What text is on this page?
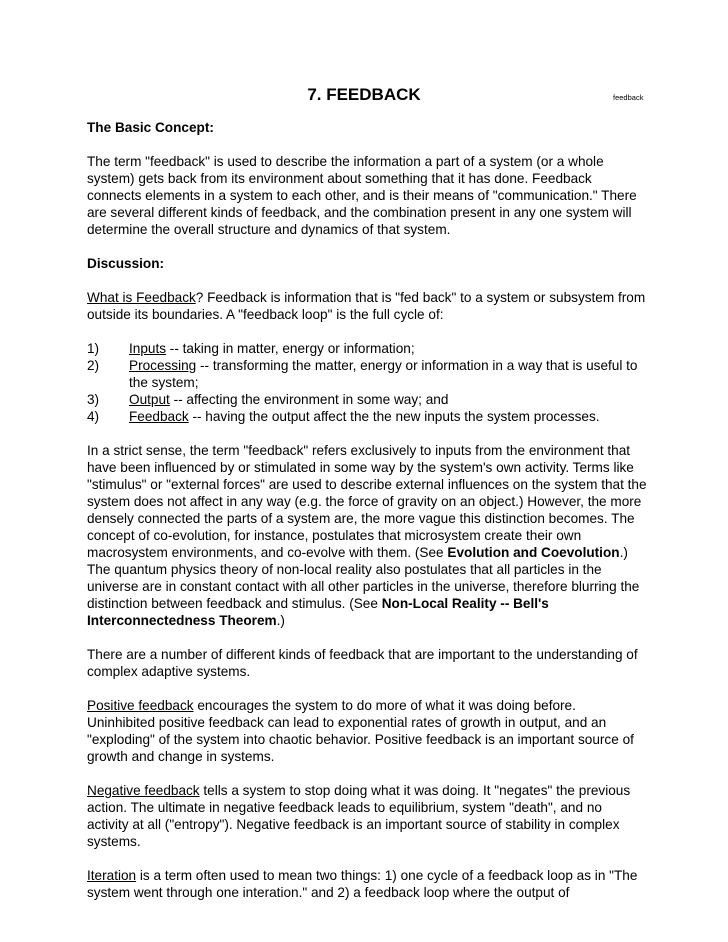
7. FEEDBACK	feedback

The Basic Concept:

The term "feedback" is used to describe the information a part of a system (or a whole system) gets back from its environment about something that it has done. Feedback connects elements in a system to each other, and is their means of "communication." There are several different kinds of feedback, and the combination present in any one system will determine the overall structure and dynamics of that system.

Discussion:

What is Feedback? Feedback is information that is "fed back" to a system or subsystem from outside its boundaries. A "feedback loop" is the full cycle of:

1)	Inputs -- taking in matter, energy or information;
2)	Processing -- transforming the matter, energy or information in a way that is useful to the system;
3)	Output -- affecting the environment in some way; and
4)	Feedback -- having the output affect the the new inputs the system processes.

In a strict sense, the term "feedback" refers exclusively to inputs from the environment that have been influenced by or stimulated in some way by the system's own activity. Terms like "stimulus" or "external forces" are used to describe external influences on the system that the system does not affect in any way (e.g. the force of gravity on an object.) However, the more densely connected the parts of a system are, the more vague this distinction becomes. The concept of co-evolution, for instance, postulates that microsystem create their own macrosystem environments, and co-evolve with them. (See Evolution and Coevolution.) The quantum physics theory of non-local reality also postulates that all particles in the universe are in constant contact with all other particles in the universe, therefore blurring the distinction between feedback and stimulus. (See Non-Local Reality -- Bell's Interconnectedness Theorem.)

There are a number of different kinds of feedback that are important to the understanding of complex adaptive systems.

Positive feedback encourages the system to do more of what it was doing before. Uninhibited positive feedback can lead to exponential rates of growth in output, and an "exploding" of the system into chaotic behavior. Positive feedback is an important source of growth and change in systems.

Negative feedback tells a system to stop doing what it was doing. It "negates" the previous action. The ultimate in negative feedback leads to equilibrium, system "death", and no activity at all ("entropy"). Negative feedback is an important source of stability in complex systems.

Iteration is a term often used to mean two things: 1) one cycle of a feedback loop as in "The system went through one interation." and 2) a feedback loop where the output of
